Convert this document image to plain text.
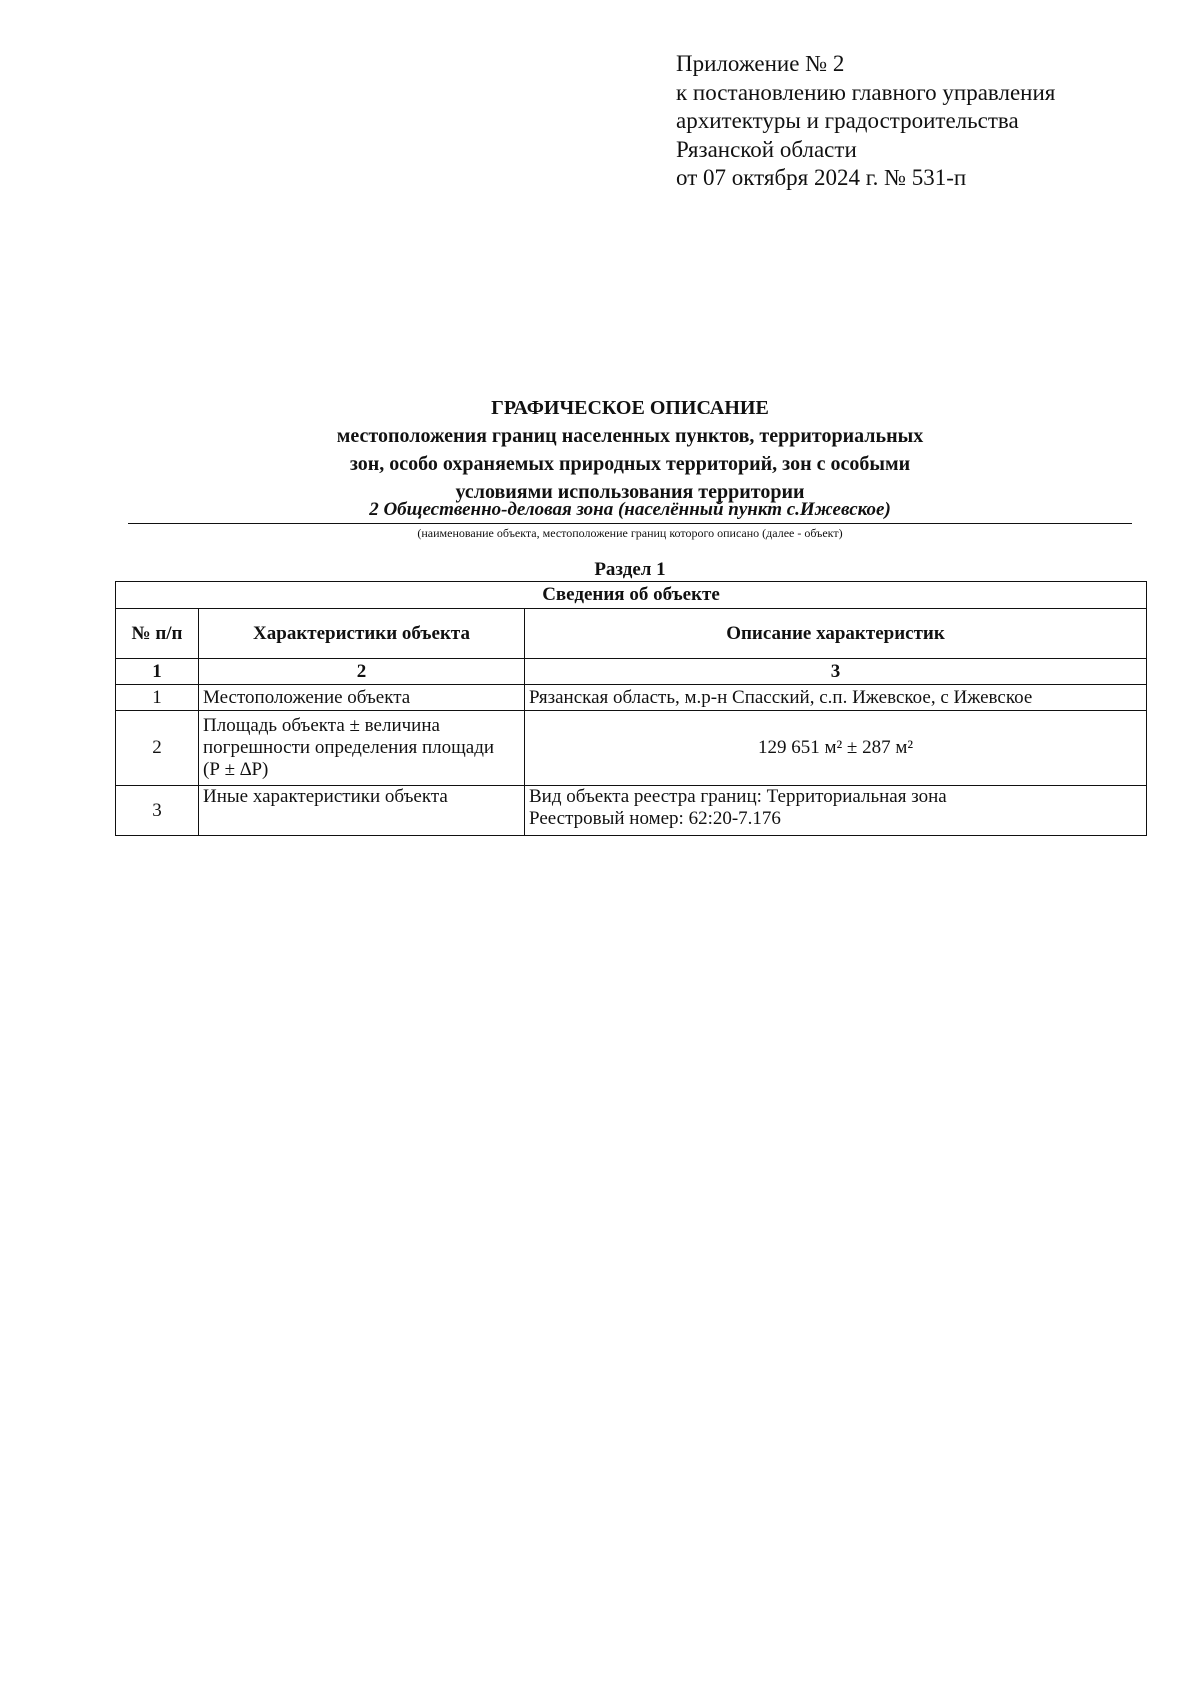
Приложение № 2
к постановлению главного управления
архитектуры и градостроительства
Рязанской области
от 07 октября 2024 г. № 531-п
ГРАФИЧЕСКОЕ ОПИСАНИЕ
местоположения границ населенных пунктов, территориальных
зон, особо охраняемых природных территорий, зон с особыми
условиями использования территории
2 Общественно-деловая зона (населённый пункт с.Ижевское)
(наименование объекта, местоположение границ которого описано (далее - объект)
Раздел 1
Сведения об объекте		
№ п/п	Характеристики объекта	Описание характеристик
1	2	3
1	Местоположение объекта	Рязанская область, м.р-н Спасский, с.п. Ижевское, с Ижевское
2	Площадь объекта ± величина
погрешности определения площади
(Р ± ∆Р)	129 651 м² ± 287 м²
3	Иные характеристики объекта	Вид объекта реестра границ: Территориальная зона
Реестровый номер: 62:20-7.176
